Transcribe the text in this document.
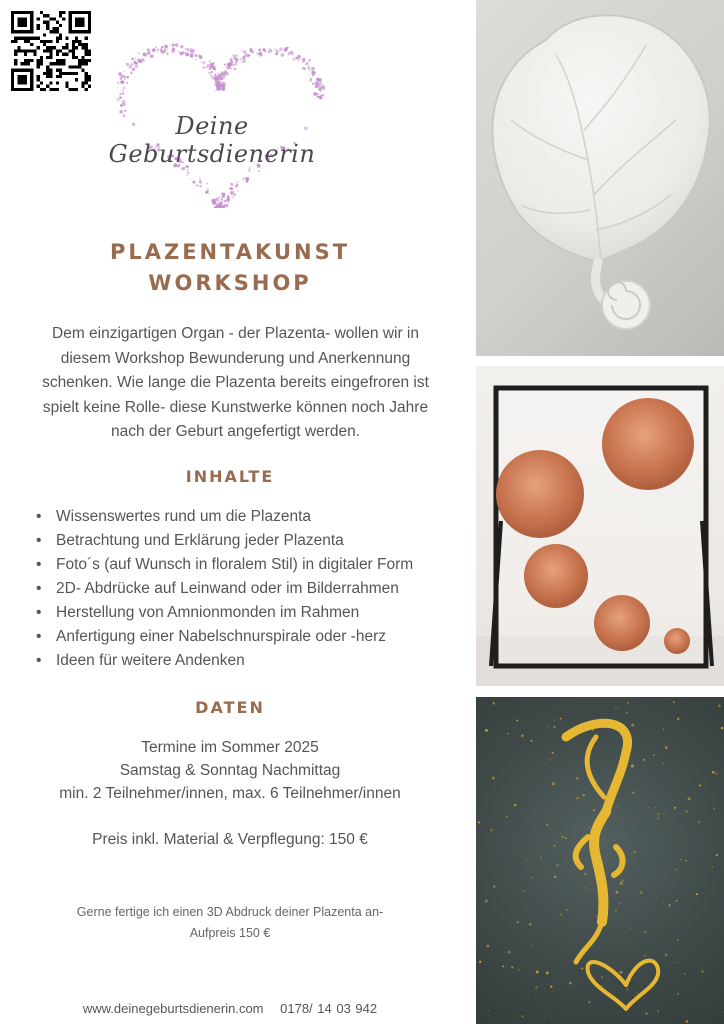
Deine Geburtsdienerin
PLAZENTAKUNST
WORKSHOP
Dem einzigartigen Organ - der Plazenta- wollen wir in
diesem Workshop Bewunderung und Anerkennung
schenken. Wie lange die Plazenta bereits eingefroren ist
spielt keine Rolle- diese Kunstwerke können noch Jahre
nach der Geburt angefertigt werden.
INHALTE
• Wissenswertes rund um die Plazenta
• Betrachtung und Erklärung jeder Plazenta
• Foto´s (auf Wunsch in floralem Stil) in digitaler Form
• 2D- Abdrücke auf Leinwand oder im Bilderrahmen
• Herstellung von Amnionmonden im Rahmen
• Anfertigung einer Nabelschnurspirale oder -herz
• Ideen für weitere Andenken
DATEN
Termine im Sommer 2025
Samstag & Sonntag Nachmittag
min. 2 Teilnehmer/innen, max. 6 Teilnehmer/innen
Preis inkl. Material & Verpflegung: 150 €
Gerne fertige ich einen 3D Abdruck deiner Plazenta an-
Aufpreis 150 €
www.deinegeburtsdienerin.com 0178/ 14 03 942
